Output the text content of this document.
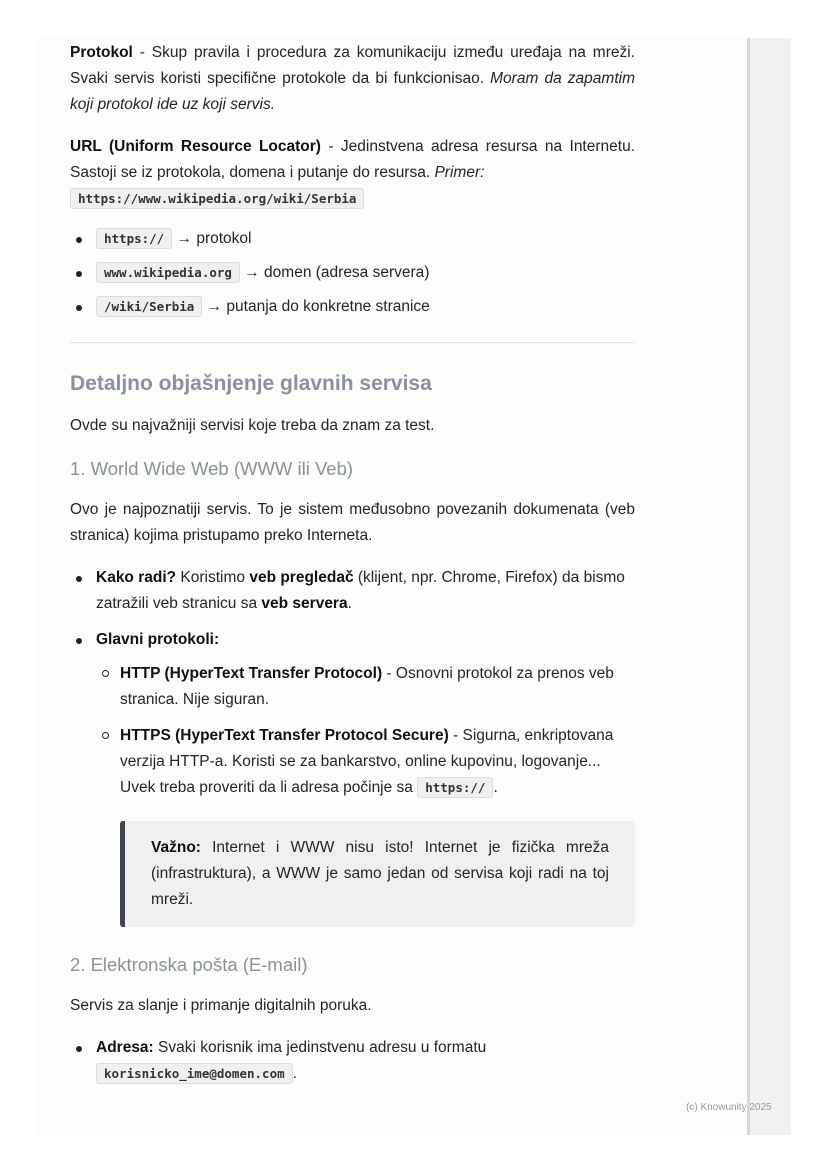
Protokol - Skup pravila i procedura za komunikaciju između uređaja na mreži. Svaki servis koristi specifične protokole da bi funkcionisao. Moram da zapamtim koji protokol ide uz koji servis.

URL (Uniform Resource Locator) - Jedinstvena adresa resursa na Internetu. Sastoji se iz protokola, domena i putanje do resursa. Primer:
https://www.wikipedia.org/wiki/Serbia

https:// → protokol
www.wikipedia.org → domen (adresa servera)
/wiki/Serbia → putanja do konkretne stranice
Detaljno objašnjenje glavnih servisa

Ovde su najvažniji servisi koje treba da znam za test.

1. World Wide Web (WWW ili Veb)

Ovo je najpoznatiji servis. To je sistem međusobno povezanih dokumenata (veb stranica) kojima pristupamo preko Interneta.

Kako radi? Koristimo veb pregledač (klijent, npr. Chrome, Firefox) da bismo zatražili veb stranicu sa veb servera.
Glavni protokoli:
HTTP (HyperText Transfer Protocol) - Osnovni protokol za prenos veb stranica. Nije siguran.
HTTPS (HyperText Transfer Protocol Secure) - Sigurna, enkriptovana verzija HTTP-a. Koristi se za bankarstvo, online kupovinu, logovanje... Uvek treba proveriti da li adresa počinje sa https:// .
Važno: Internet i WWW nisu isto! Internet je fizička mreža (infrastruktura), a WWW je samo jedan od servisa koji radi na toj mreži.
2. Elektronska pošta (E-mail)

Servis za slanje i primanje digitalnih poruka.

Adresa: Svaki korisnik ima jedinstvenu adresu u formatu
korisnicko_ime@domen.com .
(c) Knowunity 2025
